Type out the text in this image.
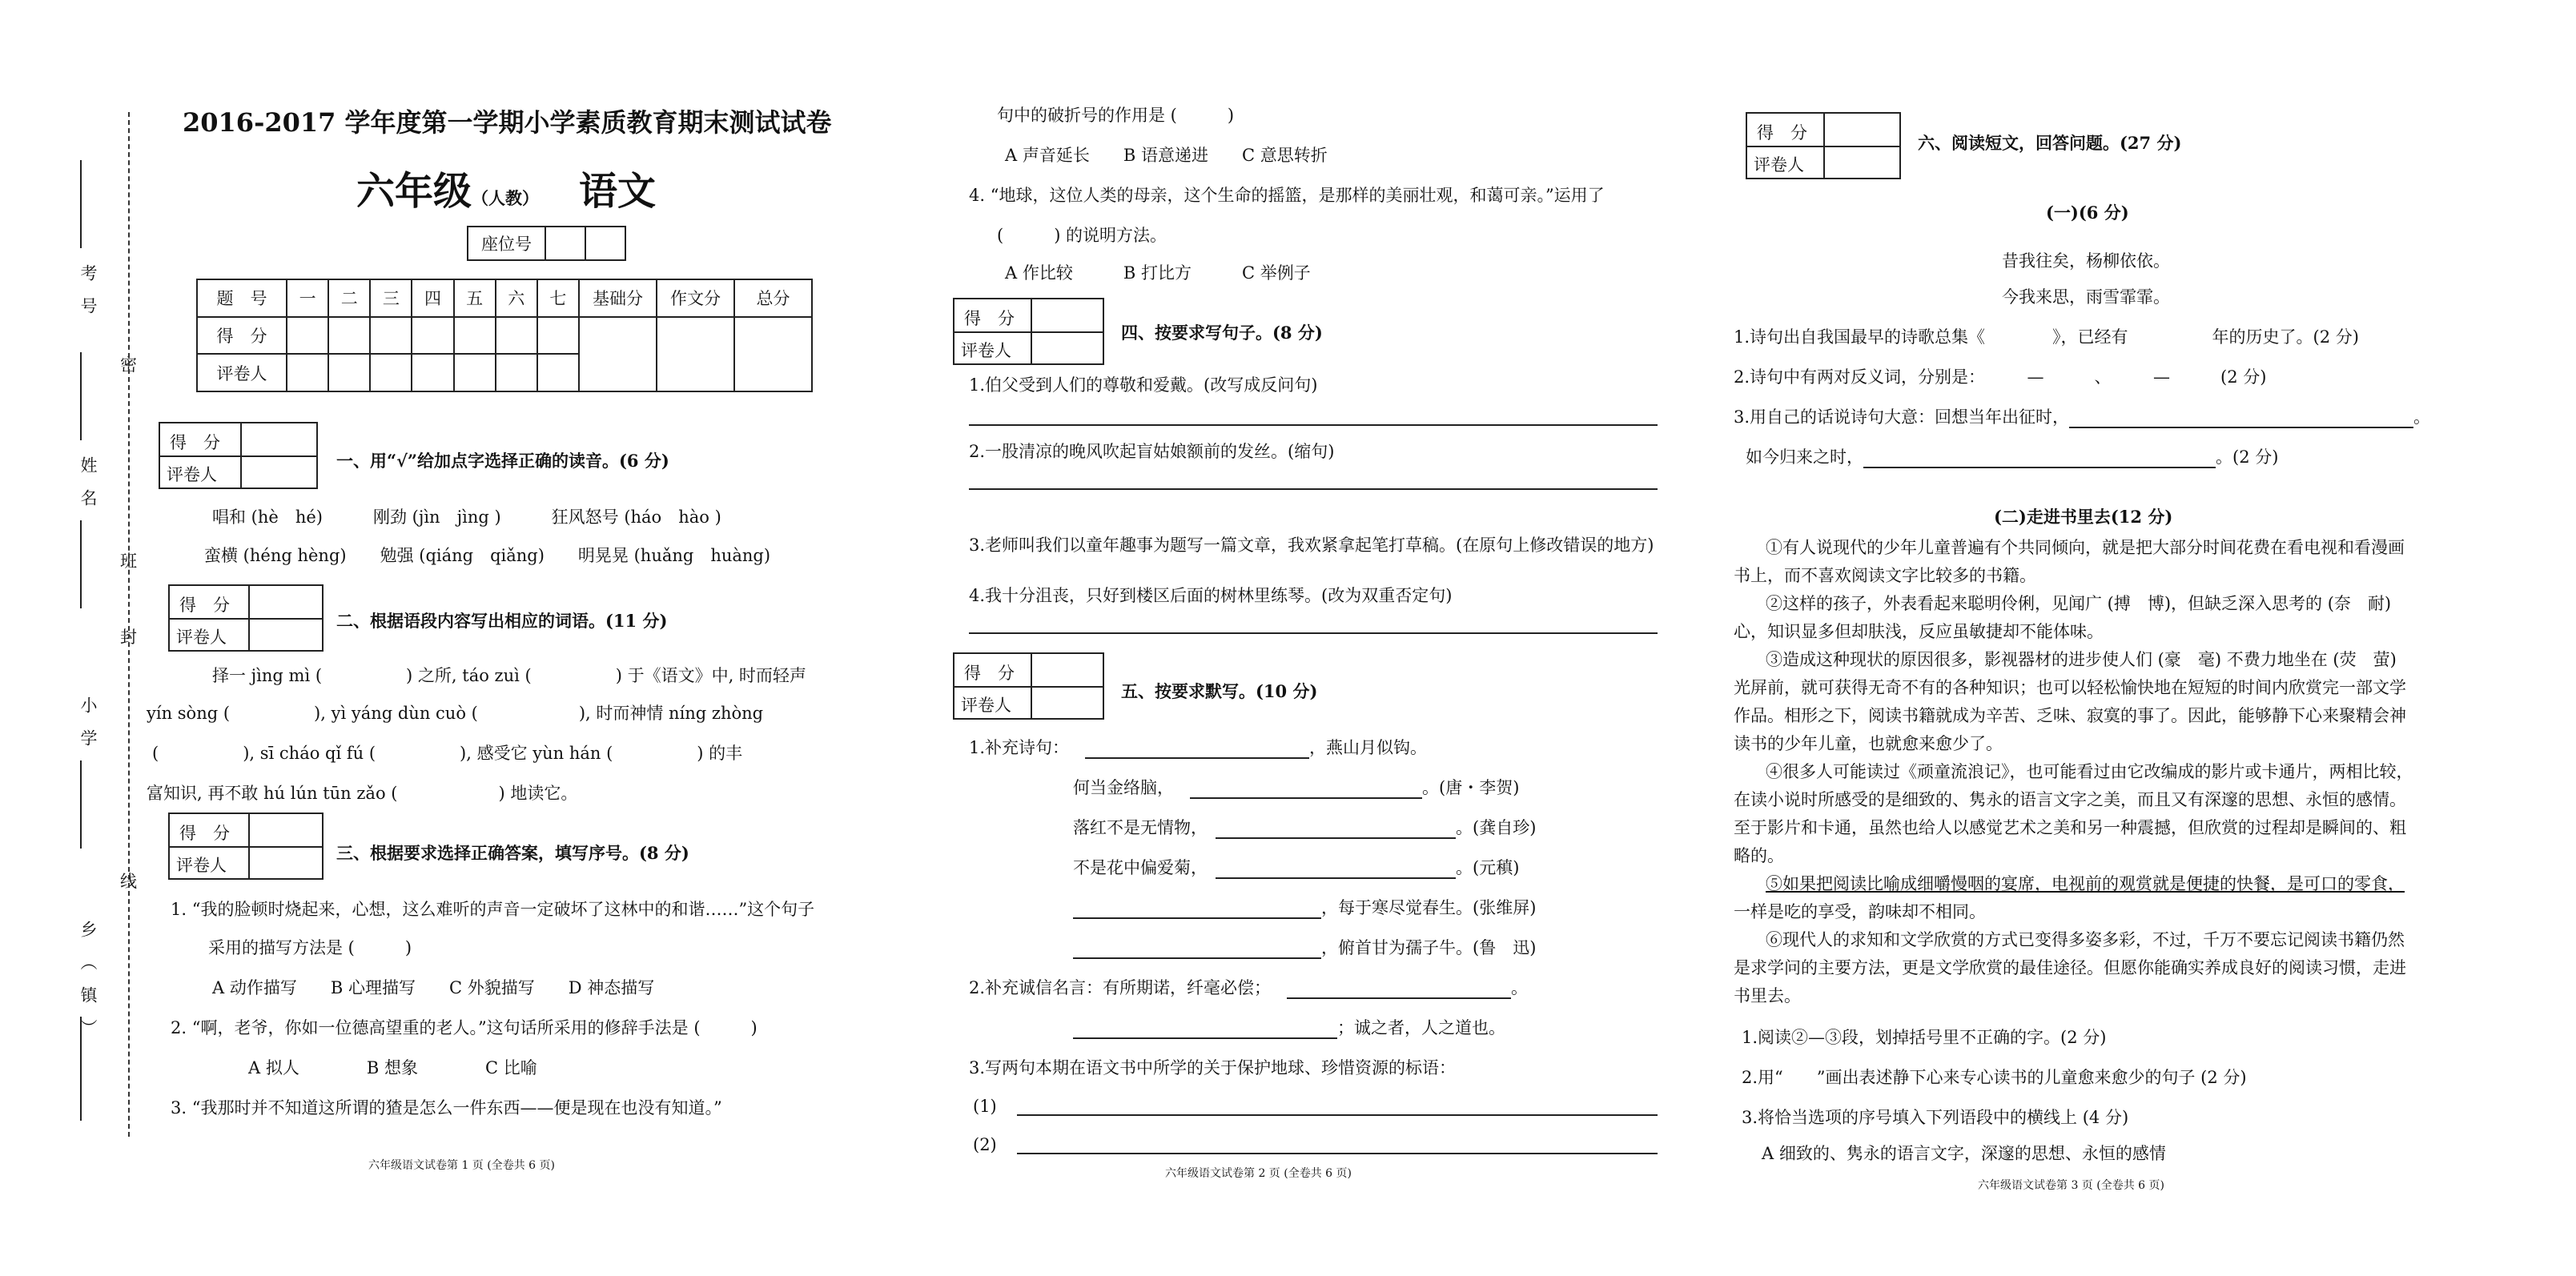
考号
密
姓名
封
班
小学
线
乡（镇）
2016-2017 学年度第一学期小学素质教育期末测试试卷
六年级（人教） 语文
座位号		
题　号	一	二	三	四	五	六	七	基础分	作文分	总分
得　分										
评卷人										
得　分
评卷人
一、用“√”给加点字选择正确的读音。(6 分)
唱和 (hè　hé)　　　刚劲 (jìn　jìng )　　　狂风怒号 (háo　hào )
蛮横 (héng hèng)　　勉强 (qiáng　qiǎng)　　明晃晃 (huǎng　huàng)
得　分
评卷人
二、根据语段内容写出相应的词语。(11 分)
择一 jìng mì (　　　　　) 之所, táo zuì (　　　　　) 于《语文》中, 时而轻声
yín sòng (　　　　　), yì yáng dùn cuò (　　　　　　), 时而神情 níng zhòng
(　　　　　), sī cháo qǐ fú (　　　　　), 感受它 yùn hán (　　　　　) 的丰
富知识, 再不敢 hú lún tūn zǎo (　　　　　　) 地读它。
得　分
评卷人
三、根据要求选择正确答案，填写序号。(8 分)
1. “我的脸顿时烧起来，心想，这么难听的声音一定破坏了这林中的和谐……”这个句子
采用的描写方法是 (　　　)
A 动作描写　　B 心理描写　　C 外貌描写　　D 神态描写
2. “啊，老爷，你如一位德高望重的老人。”这句话所采用的修辞手法是 (　　　)
A 拟人　　　　B 想象　　　　C 比喻
3. “我那时并不知道这所谓的猹是怎么一件东西——便是现在也没有知道。”
六年级语文试卷第 1 页 (全卷共 6 页)
句中的破折号的作用是 (　　　)
A 声音延长　　B 语意递进　　C 意思转折
4. “地球，这位人类的母亲，这个生命的摇篮，是那样的美丽壮观，和蔼可亲。”运用了
(　　　) 的说明方法。
A 作比较　　　B 打比方　　　C 举例子
得　分
评卷人
四、按要求写句子。(8 分)
1.伯父受到人们的尊敬和爱戴。(改写成反问句)
2.一股清凉的晚风吹起盲姑娘额前的发丝。(缩句)
3.老师叫我们以童年趣事为题写一篇文章，我欢紧拿起笔打草稿。(在原句上修改错误的地方)
4.我十分沮丧，只好到楼区后面的树林里练琴。(改为双重否定句)
得　分
评卷人
五、按要求默写。(10 分)
1.补充诗句：	，燕山月似钩。
何当金络脑，	。(唐・李贺)
落红不是无情物，	。(龚自珍)
不是花中偏爱菊，	。(元稹)
，每于寒尽觉春生。(张维屏)
，俯首甘为孺子牛。(鲁　迅)
2.补充诚信名言：有所期诺，纤毫必偿；	。
；诚之者，人之道也。
3.写两句本期在语文书中所学的关于保护地球、珍惜资源的标语：
(1)
(2)
六年级语文试卷第 2 页 (全卷共 6 页)
得　分
评卷人
六、阅读短文，回答问题。(27 分)
(一)(6 分)
昔我往矣，杨柳依依。
今我来思，雨雪霏霏。
1.诗句出自我国最早的诗歌总集《　　　　》，已经有　　　　　年的历史了。(2 分)
2.诗句中有两对反义词，分别是：　　　—　　　、　　　—　　　(2 分)
3.用自己的话说诗句大意：回想当年出征时，	。
如今归来之时，	。(2 分)
(二)走进书里去(12 分)
①有人说现代的少年儿童普遍有个共同倾向，就是把大部分时间花费在看电视和看漫画
书上，而不喜欢阅读文字比较多的书籍。
②这样的孩子，外表看起来聪明伶俐，见闻广 (搏　博)，但缺乏深入思考的 (奈　耐)
心，知识显多但却肤浅，反应虽敏捷却不能体味。
③造成这种现状的原因很多，影视器材的进步使人们 (豪　毫) 不费力地坐在 (荧　萤)
光屏前，就可获得无奇不有的各种知识；也可以轻松愉快地在短短的时间内欣赏完一部文学
作品。相形之下，阅读书籍就成为辛苦、乏味、寂寞的事了。因此，能够静下心来聚精会神
读书的少年儿童，也就愈来愈少了。
④很多人可能读过《顽童流浪记》，也可能看过由它改编成的影片或卡通片，两相比较，
在读小说时所感受的是细致的、隽永的语言文字之美，而且又有深邃的思想、永恒的感情。
至于影片和卡通，虽然也给人以感觉艺术之美和另一种震撼，但欣赏的过程却是瞬间的、粗
略的。
⑤如果把阅读比喻成细嚼慢咽的宴席，电视前的观赏就是便捷的快餐，是可口的零食，
一样是吃的享受，韵味却不相同。
⑥现代人的求知和文学欣赏的方式已变得多姿多彩，不过，千万不要忘记阅读书籍仍然
是求学问的主要方法，更是文学欣赏的最佳途径。但愿你能确实养成良好的阅读习惯，走进
书里去。
1.阅读②—③段，划掉括号里不正确的字。(2 分)
2.用“　　”画出表述静下心来专心读书的儿童愈来愈少的句子 (2 分)
3.将恰当选项的序号填入下列语段中的横线上 (4 分)
A 细致的、隽永的语言文字，深邃的思想、永恒的感情
六年级语文试卷第 3 页 (全卷共 6 页)
